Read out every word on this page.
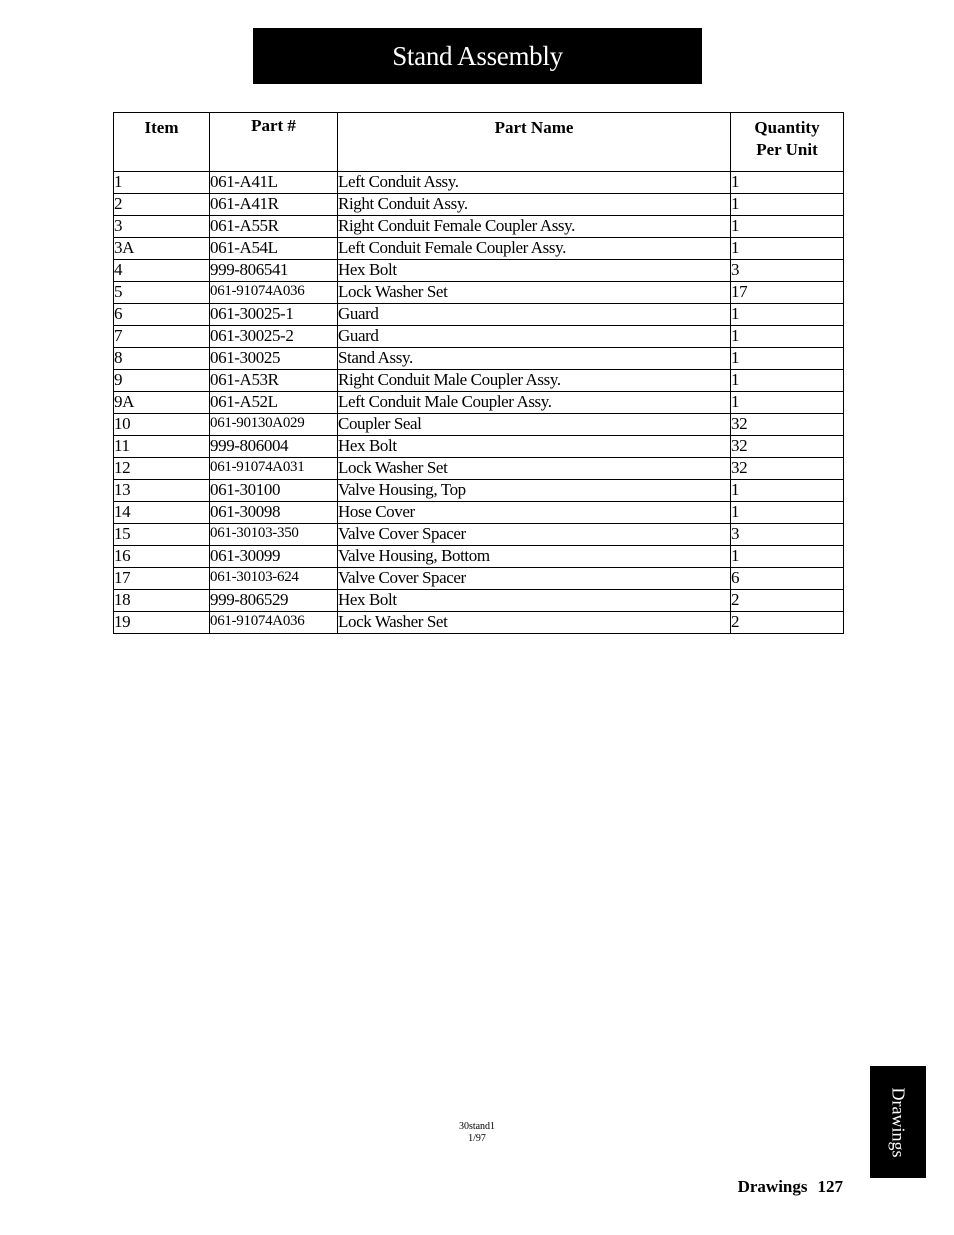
Stand Assembly
Item	Part #	Part Name	Quantity
Per Unit
1	061-A41L	Left Conduit Assy.	1
2	061-A41R	Right Conduit Assy.	1
3	061-A55R	Right Conduit Female Coupler Assy.	1
3A	061-A54L	Left Conduit Female Coupler Assy.	1
4	999-806541	Hex Bolt	3
5	061-91074A036	Lock Washer Set	17
6	061-30025-1	Guard	1
7	061-30025-2	Guard	1
8	061-30025	Stand Assy.	1
9	061-A53R	Right Conduit Male Coupler Assy.	1
9A	061-A52L	Left Conduit Male Coupler Assy.	1
10	061-90130A029	Coupler Seal	32
11	999-806004	Hex Bolt	32
12	061-91074A031	Lock Washer Set	32
13	061-30100	Valve Housing, Top	1
14	061-30098	Hose Cover	1
15	061-30103-350	Valve Cover Spacer	3
16	061-30099	Valve Housing, Bottom	1
17	061-30103-624	Valve Cover Spacer	6
18	999-806529	Hex Bolt	2
19	061-91074A036	Lock Washer Set	2
30stand1
1/97	Drawings
Drawings 127
